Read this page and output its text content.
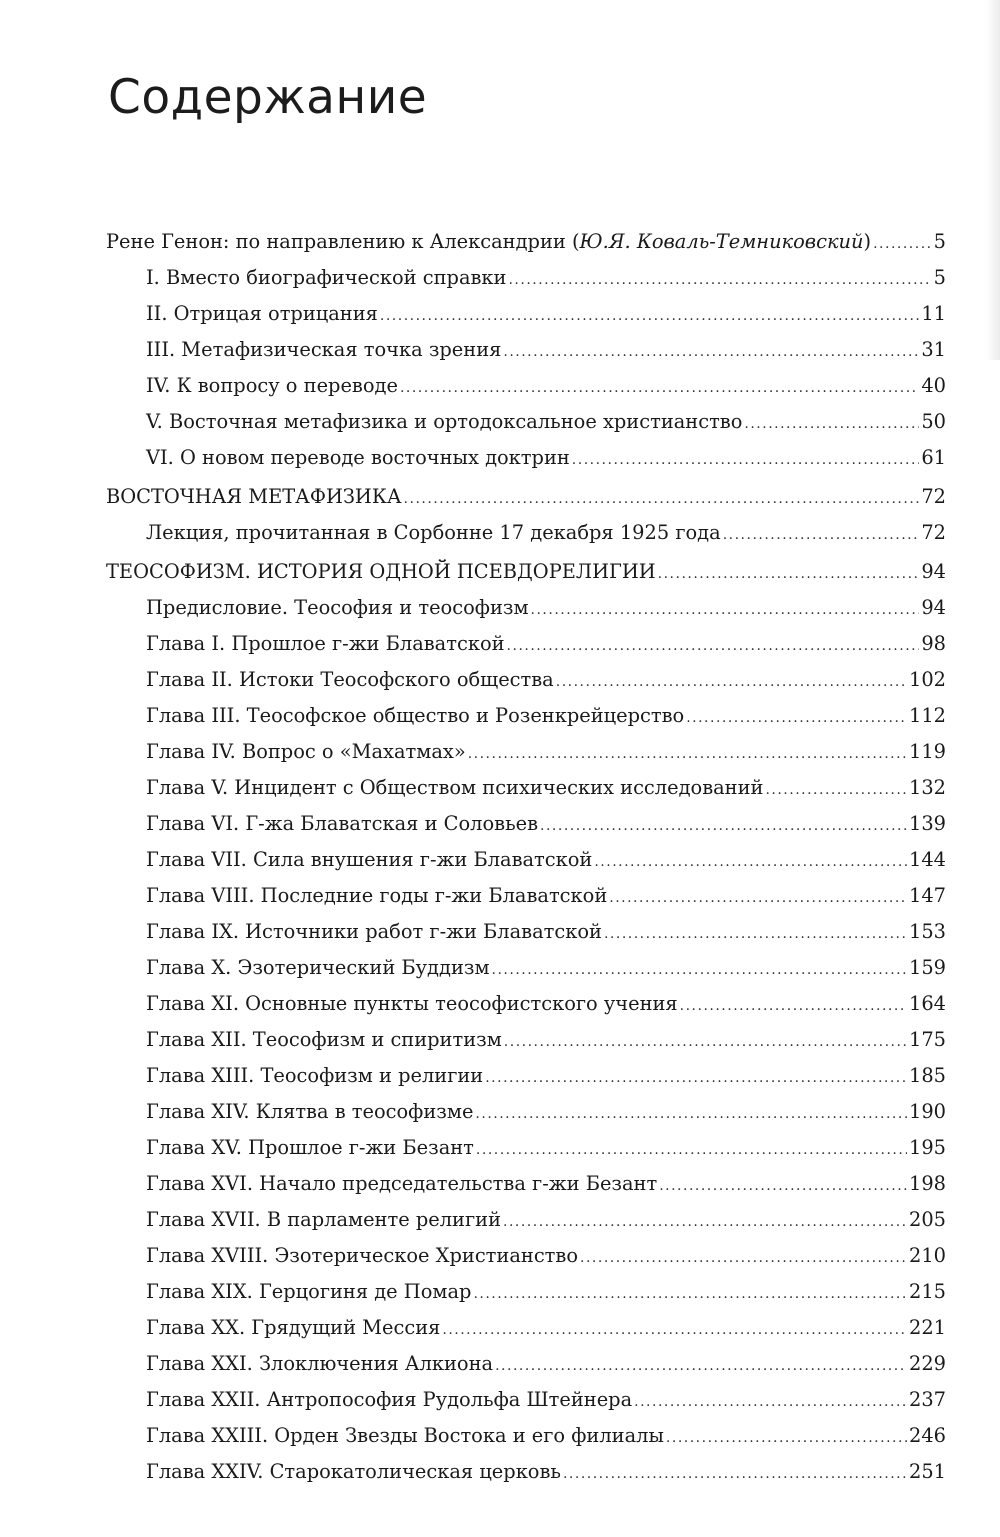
Содержание
Рене Генон: по направлению к Александрии (Ю.Я. Коваль-Темниковский) .....	5
I. Вместо биографической справки .....	5
II. Отрицая отрицания .....	11
III. Метафизическая точка зрения .....	31
IV. К вопросу о переводе .....	40
V. Восточная метафизика и ортодоксальное христианство .....	50
VI. О новом переводе восточных доктрин .....	61
ВОСТОЧНАЯ МЕТАФИЗИКА .....	72
Лекция, прочитанная в Сорбонне 17 декабря 1925 года .....	72
ТЕОСОФИЗМ. ИСТОРИЯ ОДНОЙ ПСЕВДОРЕЛИГИИ .....	94
Предисловие. Теософия и теософизм .....	94
Глава I. Прошлое г-жи Блаватской .....	98
Глава II. Истоки Теософского общества .....	102
Глава III. Теософское общество и Розенкрейцерство .....	112
Глава IV. Вопрос о «Махатмах» .....	119
Глава V. Инцидент с Обществом психических исследований .....	132
Глава VI. Г-жа Блаватская и Соловьев .....	139
Глава VII. Сила внушения г-жи Блаватской .....	144
Глава VIII. Последние годы г-жи Блаватской .....	147
Глава IX. Источники работ г-жи Блаватской .....	153
Глава X. Эзотерический Буддизм .....	159
Глава XI. Основные пункты теософистского учения .....	164
Глава XII. Теософизм и спиритизм .....	175
Глава XIII. Теософизм и религии .....	185
Глава XIV. Клятва в теософизме .....	190
Глава XV. Прошлое г-жи Безант .....	195
Глава XVI. Начало председательства г-жи Безант .....	198
Глава XVII. В парламенте религий .....	205
Глава XVIII. Эзотерическое Христианство .....	210
Глава XIX. Герцогиня де Помар .....	215
Глава XX. Грядущий Мессия .....	221
Глава XXI. Злоключения Алкиона .....	229
Глава XXII. Антропософия Рудольфа Штейнера .....	237
Глава XXIII. Орден Звезды Востока и его филиалы .....	246
Глава XXIV. Старокатолическая церковь .....	251
